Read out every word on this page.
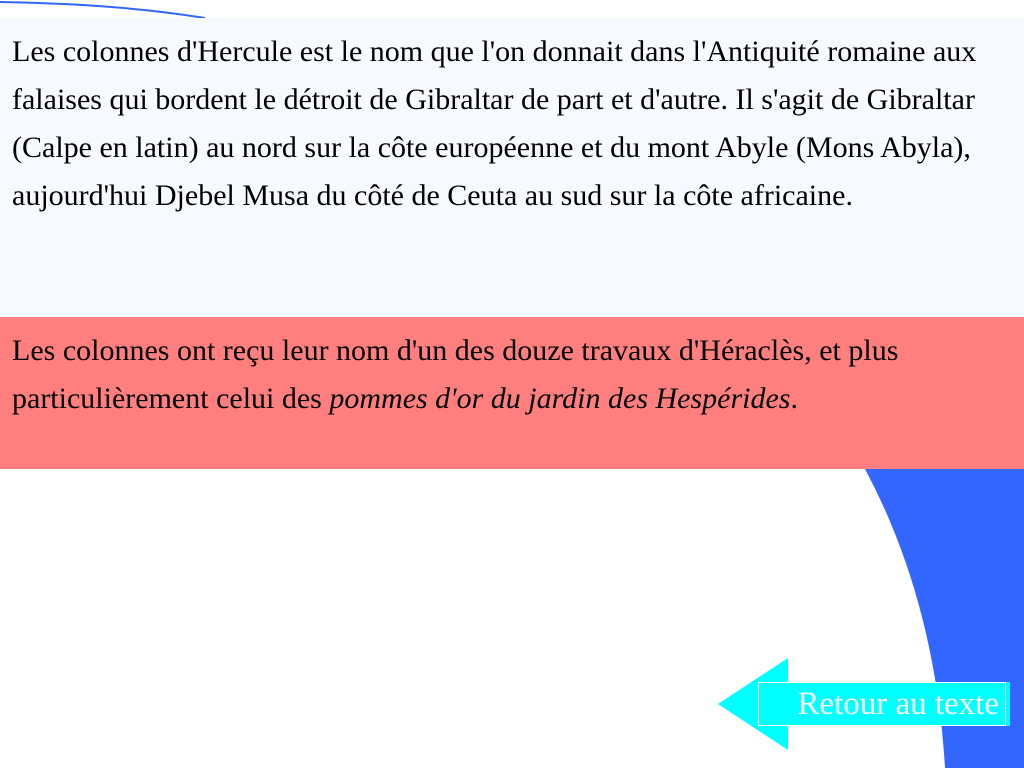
Les colonnes d'Hercule est le nom que l'on donnait dans l'Antiquité romaine aux falaises qui bordent le détroit de Gibraltar de part et d'autre. Il s'agit de Gibraltar (Calpe en latin) au nord sur la côte européenne et du mont Abyle (Mons Abyla), aujourd'hui Djebel Musa du côté de Ceuta au sud sur la côte africaine.
Les colonnes ont reçu leur nom d'un des douze travaux d'Héraclès, et plus particulièrement celui des pommes d'or du jardin des Hespérides.
Retour au texte
